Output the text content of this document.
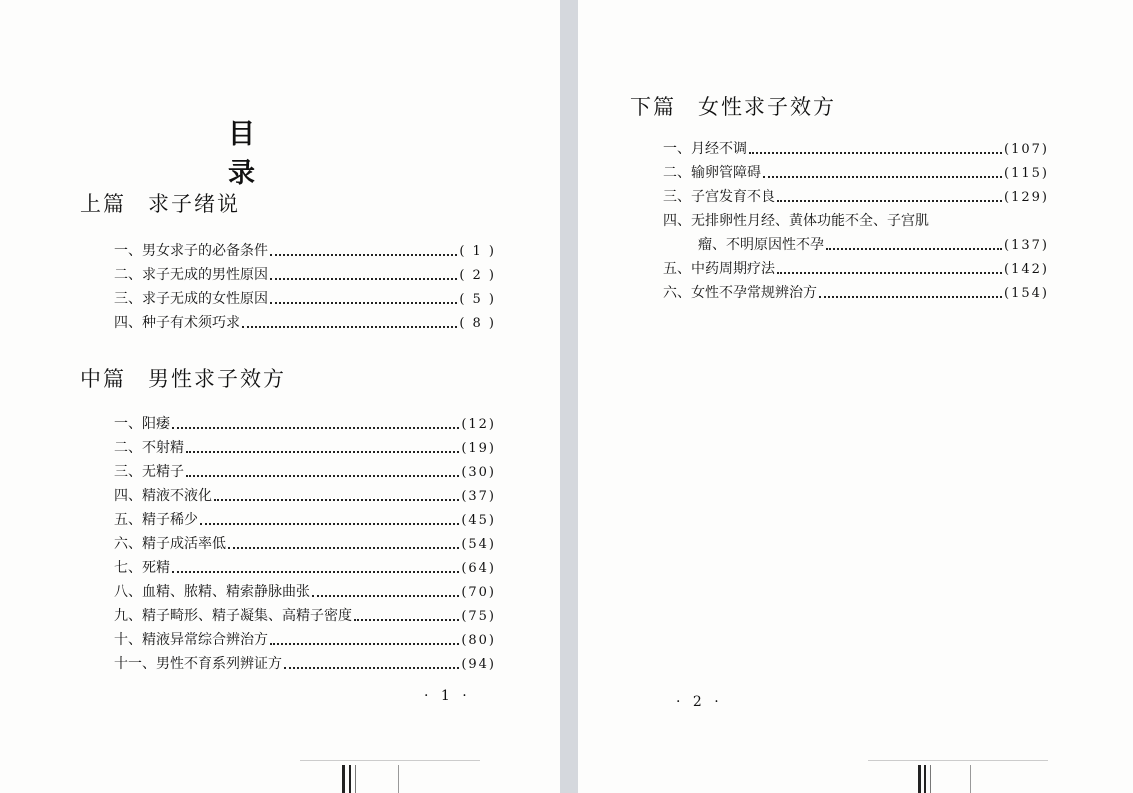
目 录
上篇 求子绪说
一、 男女求子的必备条件	( 1 )
二、 求子无成的男性原因	( 2 )
三、 求子无成的女性原因	( 5 )
四、 种子有术须巧求	( 8 )
中篇 男性求子效方
一、 阳痿	(12)
二、 不射精	(19)
三、 无精子	(30)
四、 精液不液化	(37)
五、 精子稀少	(45)
六、 精子成活率低	(54)
七、 死精	(64)
八、 血精、脓精、精索静脉曲张	(70)
九、 精子畸形、精子凝集、高精子密度	(75)
十、 精液异常综合辨治方	(80)
十一、 男性不育系列辨证方	(94)
· 1 ·
下篇 女性求子效方
一、 月经不调	(107)
二、 输卵管障碍	(115)
三、 子宫发育不良	(129)
四、 无排卵性月经、黄体功能不全、子宫肌
瘤、不明原因性不孕	(137)
五、 中药周期疗法	(142)
六、 女性不孕常规辨治方	(154)
· 2 ·
